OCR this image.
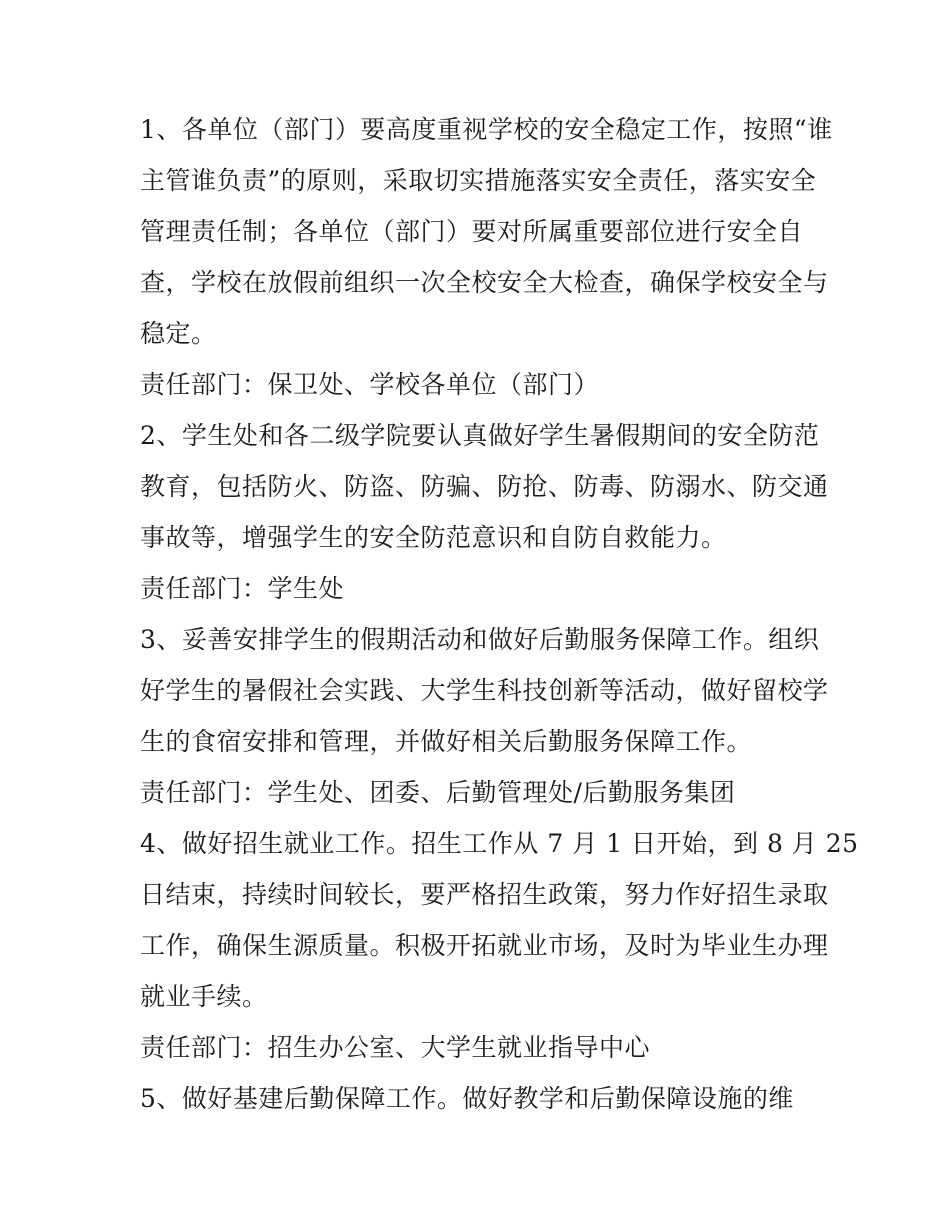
1、各单位（部门）要高度重视学校的安全稳定工作，按照“谁
主管谁负责”的原则，采取切实措施落实安全责任，落实安全
管理责任制；各单位（部门）要对所属重要部位进行安全自
查，学校在放假前组织一次全校安全大检查，确保学校安全与
稳定。
责任部门：保卫处、学校各单位（部门）
2、学生处和各二级学院要认真做好学生暑假期间的安全防范
教育，包括防火、防盗、防骗、防抢、防毒、防溺水、防交通
事故等，增强学生的安全防范意识和自防自救能力。
责任部门：学生处
3、妥善安排学生的假期活动和做好后勤服务保障工作。组织
好学生的暑假社会实践、大学生科技创新等活动，做好留校学
生的食宿安排和管理，并做好相关后勤服务保障工作。
责任部门：学生处、团委、后勤管理处/后勤服务集团
4、做好招生就业工作。招生工作从 7 月 1 日开始，到 8 月 25
日结束，持续时间较长，要严格招生政策，努力作好招生录取
工作，确保生源质量。积极开拓就业市场，及时为毕业生办理
就业手续。
责任部门：招生办公室、大学生就业指导中心
5、做好基建后勤保障工作。做好教学和后勤保障设施的维
